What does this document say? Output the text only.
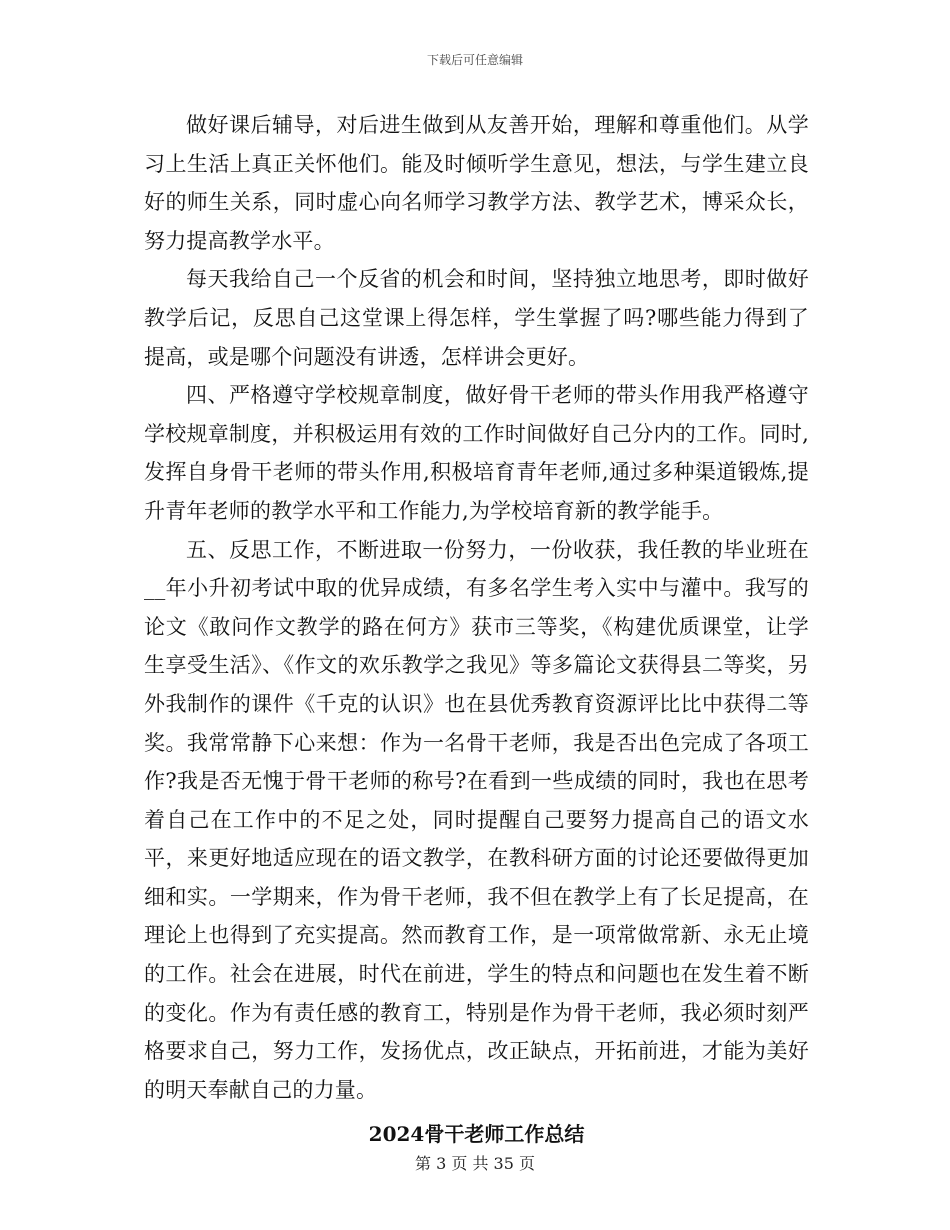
下载后可任意编辑

做好课后辅导，对后进生做到从友善开始，理解和尊重他们。从学习上生活上真正关怀他们。能及时倾听学生意见，想法，与学生建立良好的师生关系，同时虚心向名师学习教学方法、教学艺术，博采众长，努力提高教学水平。

每天我给自己一个反省的机会和时间，坚持独立地思考，即时做好教学后记，反思自己这堂课上得怎样，学生掌握了吗?哪些能力得到了提高，或是哪个问题没有讲透，怎样讲会更好。

四、严格遵守学校规章制度，做好骨干老师的带头作用我严格遵守学校规章制度，并积极运用有效的工作时间做好自己分内的工作。同时,发挥自身骨干老师的带头作用,积极培育青年老师,通过多种渠道锻炼,提升青年老师的教学水平和工作能力,为学校培育新的教学能手。

五、反思工作，不断进取一份努力，一份收获，我任教的毕业班在__年小升初考试中取的优异成绩，有多名学生考入实中与灌中。我写的论文《敢问作文教学的路在何方》获市三等奖，《构建优质课堂，让学生享受生活》、《作文的欢乐教学之我见》等多篇论文获得县二等奖，另外我制作的课件《千克的认识》也在县优秀教育资源评比比中获得二等奖。我常常静下心来想：作为一名骨干老师，我是否出色完成了各项工作?我是否无愧于骨干老师的称号?在看到一些成绩的同时，我也在思考着自己在工作中的不足之处，同时提醒自己要努力提高自己的语文水平，来更好地适应现在的语文教学，在教科研方面的讨论还要做得更加细和实。一学期来，作为骨干老师，我不但在教学上有了长足提高，在理论上也得到了充实提高。然而教育工作，是一项常做常新、永无止境的工作。社会在进展，时代在前进，学生的特点和问题也在发生着不断的变化。作为有责任感的教育工，特别是作为骨干老师，我必须时刻严格要求自己，努力工作，发扬优点，改正缺点，开拓前进，才能为美好的明天奉献自己的力量。

2024骨干老师工作总结
第 3 页 共 35 页
